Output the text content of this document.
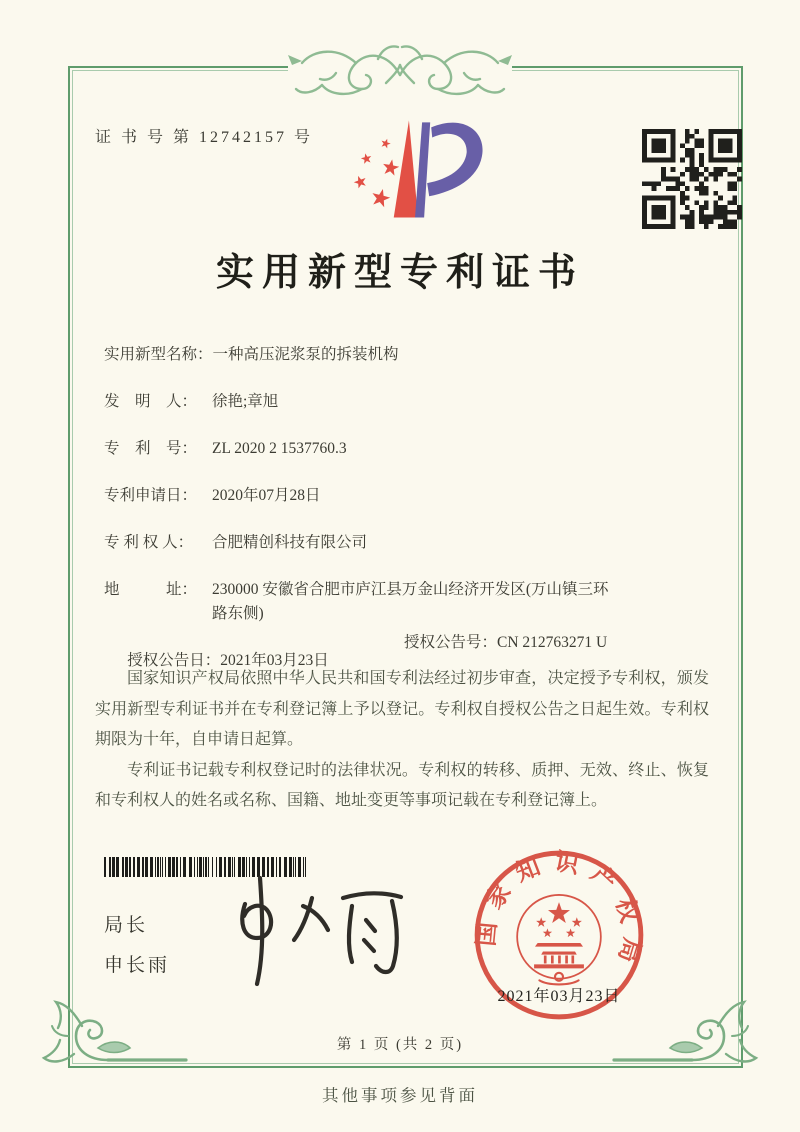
证 书 号 第 12742157 号
实用新型专利证书
实用新型名称： 一种高压泥浆泵的拆装机构
发　明　人： 徐艳;章旭
专　利　号： ZL 2020 2 1537760.3
专利申请日： 2020年07月28日
专 利 权 人：	合肥精创科技有限公司
地　　　址： 230000 安徽省合肥市庐江县万金山经济开发区(万山镇三环路东侧)

授权公告日：2021年03月23日

授权公告号：CN 212763271 U

国家知识产权局依照中华人民共和国专利法经过初步审查，决定授予专利权，颁发实用新型专利证书并在专利登记簿上予以登记。专利权自授权公告之日起生效。专利权期限为十年，自申请日起算。

专利证书记载专利权登记时的法律状况。专利权的转移、质押、无效、终止、恢复和专利权人的姓名或名称、国籍、地址变更等事项记载在专利登记簿上。

局长
申长雨
国家知识产权局
2021年03月23日
第 1 页 (共 2 页)
其他事项参见背面
